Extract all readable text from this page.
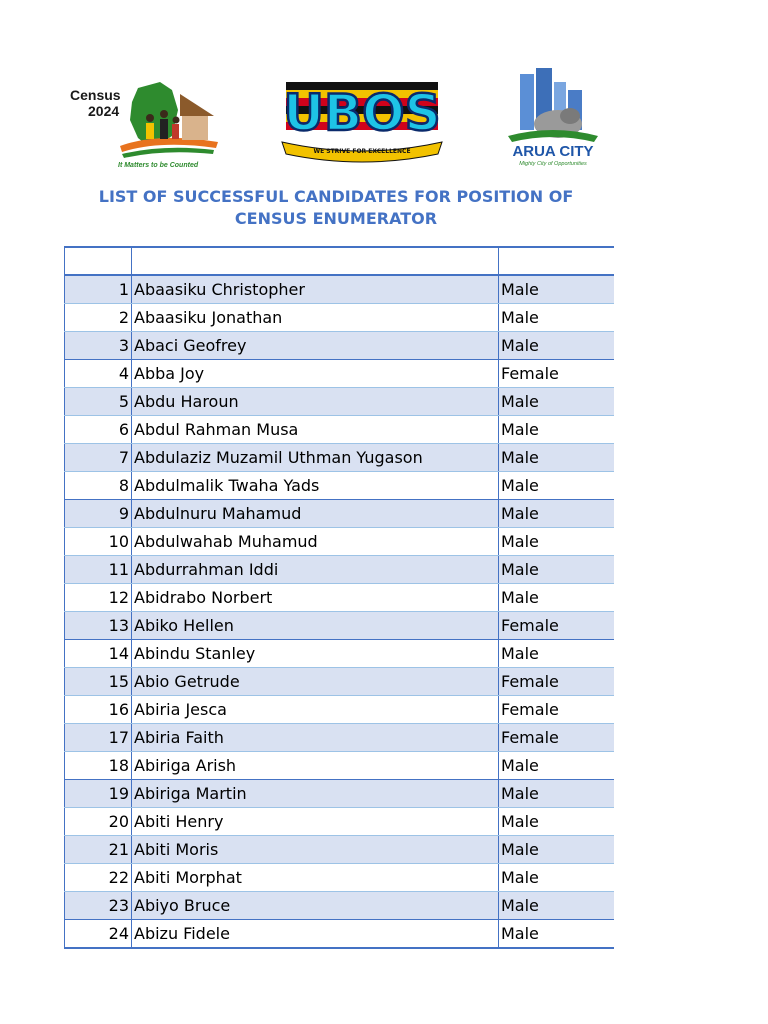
Census
2024
It Matters to be Counted
UBOS
WE STRIVE FOR EXCELLENCE	ARUA CITY
Mighty City of Opportunities
LIST OF SUCCESSFUL CANDIDATES FOR POSITION OF
CENSUS ENUMERATOR

1	Abaasiku Christopher	Male
2	Abaasiku Jonathan	Male
3	Abaci Geofrey	Male
4	Abba Joy	Female
5	Abdu Haroun	Male
6	Abdul Rahman Musa	Male
7	Abdulaziz Muzamil Uthman Yugason	Male
8	Abdulmalik Twaha Yads	Male
9	Abdulnuru Mahamud	Male
10	Abdulwahab Muhamud	Male
11	Abdurrahman Iddi	Male
12	Abidrabo Norbert	Male
13	Abiko Hellen	Female
14	Abindu Stanley	Male
15	Abio Getrude	Female
16	Abiria Jesca	Female
17	Abiria Faith	Female
18	Abiriga Arish	Male
19	Abiriga Martin	Male
20	Abiti Henry	Male
21	Abiti Moris	Male
22	Abiti Morphat	Male
23	Abiyo Bruce	Male
24	Abizu Fidele	Male
